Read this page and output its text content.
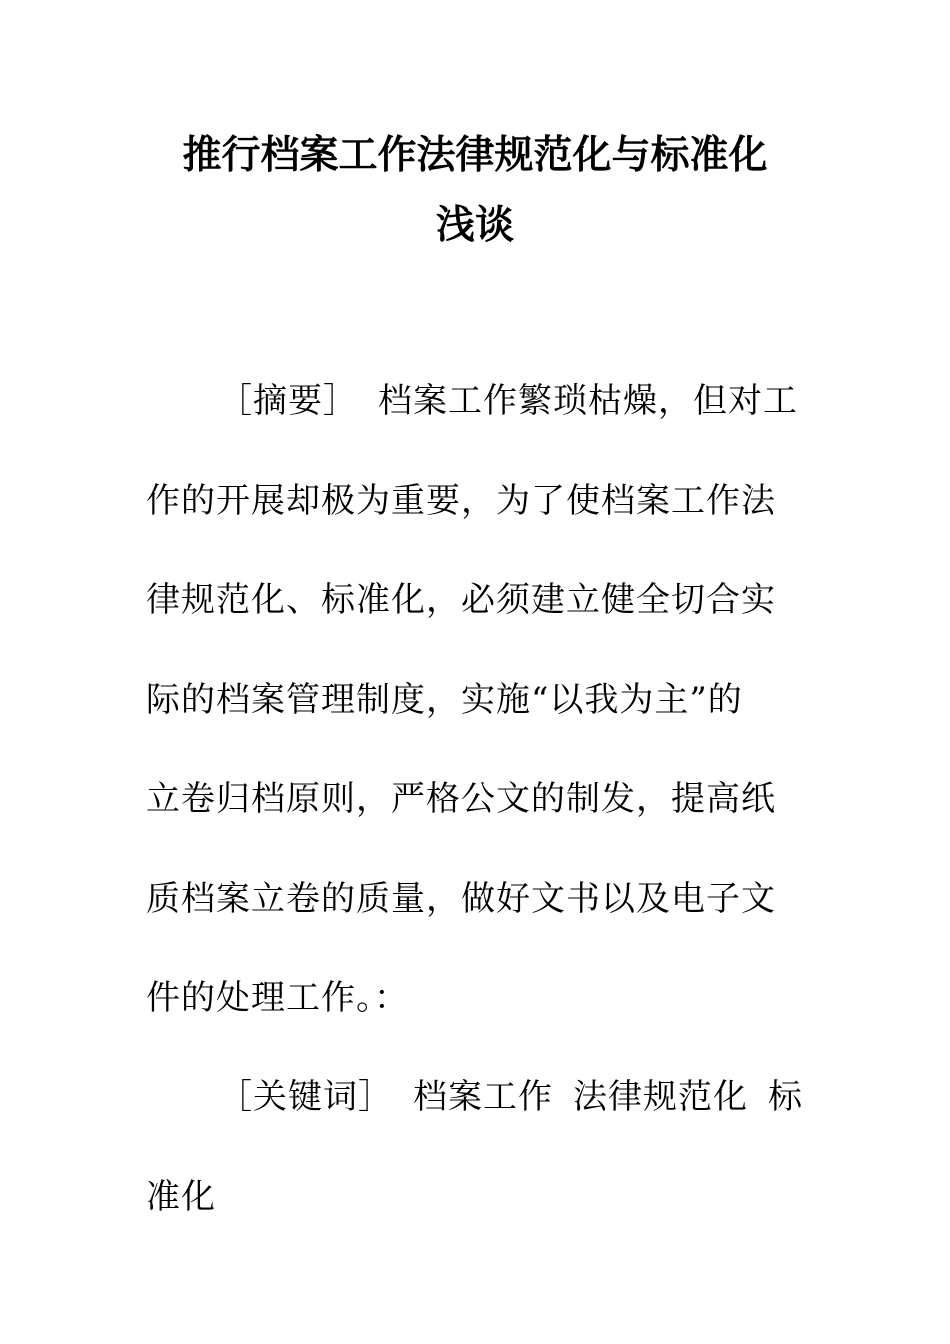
推行档案工作法律规范化与标准化
浅谈
［摘要］ 档案工作繁琐枯燥，但对工
作的开展却极为重要，为了使档案工作法
律规范化、标准化，必须建立健全切合实
际的档案管理制度，实施“以我为主”的
立卷归档原则，严格公文的制发，提高纸
质档案立卷的质量，做好文书以及电子文
件的处理工作。：
［关键词］ 档案工作 法律规范化 标
准化
